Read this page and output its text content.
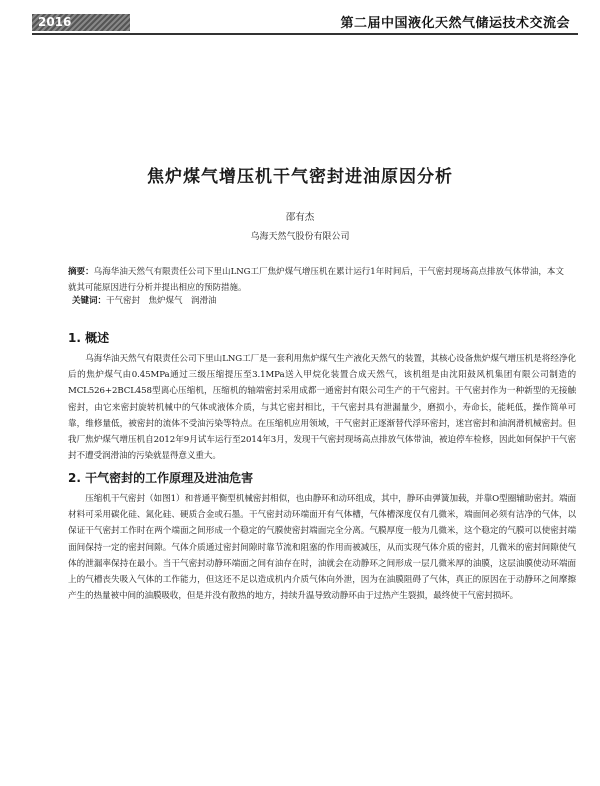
2016	第二届中国液化天然气储运技术交流会
焦炉煤气增压机干气密封进油原因分析
邵有杰
乌海天然气股份有限公司
摘要：乌海华油天然气有限责任公司下里山LNG工厂焦炉煤气增压机在累计运行1年时间后，干气密封现场高点排放气体带油，本文就其可能原因进行分析并提出相应的预防措施。
关键词：干气密封　焦炉煤气　润滑油
1. 概述
乌海华油天然气有限责任公司下里山LNG工厂是一套利用焦炉煤气生产液化天然气的装置，其核心设备焦炉煤气增压机是将经净化后的焦炉煤气由0.45MPa通过三级压缩提压至3.1MPa送入甲烷化装置合成天然气，该机组是由沈阳鼓风机集团有限公司制造的MCL526+2BCL458型离心压缩机，压缩机的轴端密封采用成都一通密封有限公司生产的干气密封。干气密封作为一种新型的无接触密封，由它来密封旋转机械中的气体或液体介质，与其它密封相比，干气密封具有泄漏量少，磨损小，寿命长，能耗低，操作简单可靠，维修量低，被密封的流体不受油污染等特点。在压缩机应用领域，干气密封正逐渐替代浮环密封，迷宫密封和油润滑机械密封。但我厂焦炉煤气增压机自2012年9月试车运行至2014年3月，发现干气密封现场高点排放气体带油，被迫停车检修，因此如何保护干气密封不遭受润滑油的污染就显得意义重大。
2. 干气密封的工作原理及进油危害
压缩机干气密封（如图1）和普通平衡型机械密封相似，也由静环和动环组成，其中，静环由弹簧加载，并靠O型圈辅助密封。端面材料可采用碳化硅、氮化硅、硬质合金或石墨。干气密封动环端面开有气体槽，气体槽深度仅有几微米，端面间必须有洁净的气体，以保证干气密封工作时在两个端面之间形成一个稳定的气膜使密封端面完全分离。气膜厚度一般为几微米，这个稳定的气膜可以使密封端面间保持一定的密封间隙。气体介质通过密封间隙时靠节流和阻塞的作用而被减压，从而实现气体介质的密封，几微米的密封间隙使气体的泄漏率保持在最小。当干气密封动静环端面之间有油存在时，油就会在动静环之间形成一层几微米厚的油膜，这层油膜使动环端面上的气槽丧失吸入气体的工作能力，但这还不足以造成机内介质气体向外泄，因为在油膜阻碍了气体，真正的原因在于动静环之间摩擦产生的热量被中间的油膜吸收，但是并没有散热的地方，持续升温导致动静环由于过热产生裂损，最终使干气密封损坏。
